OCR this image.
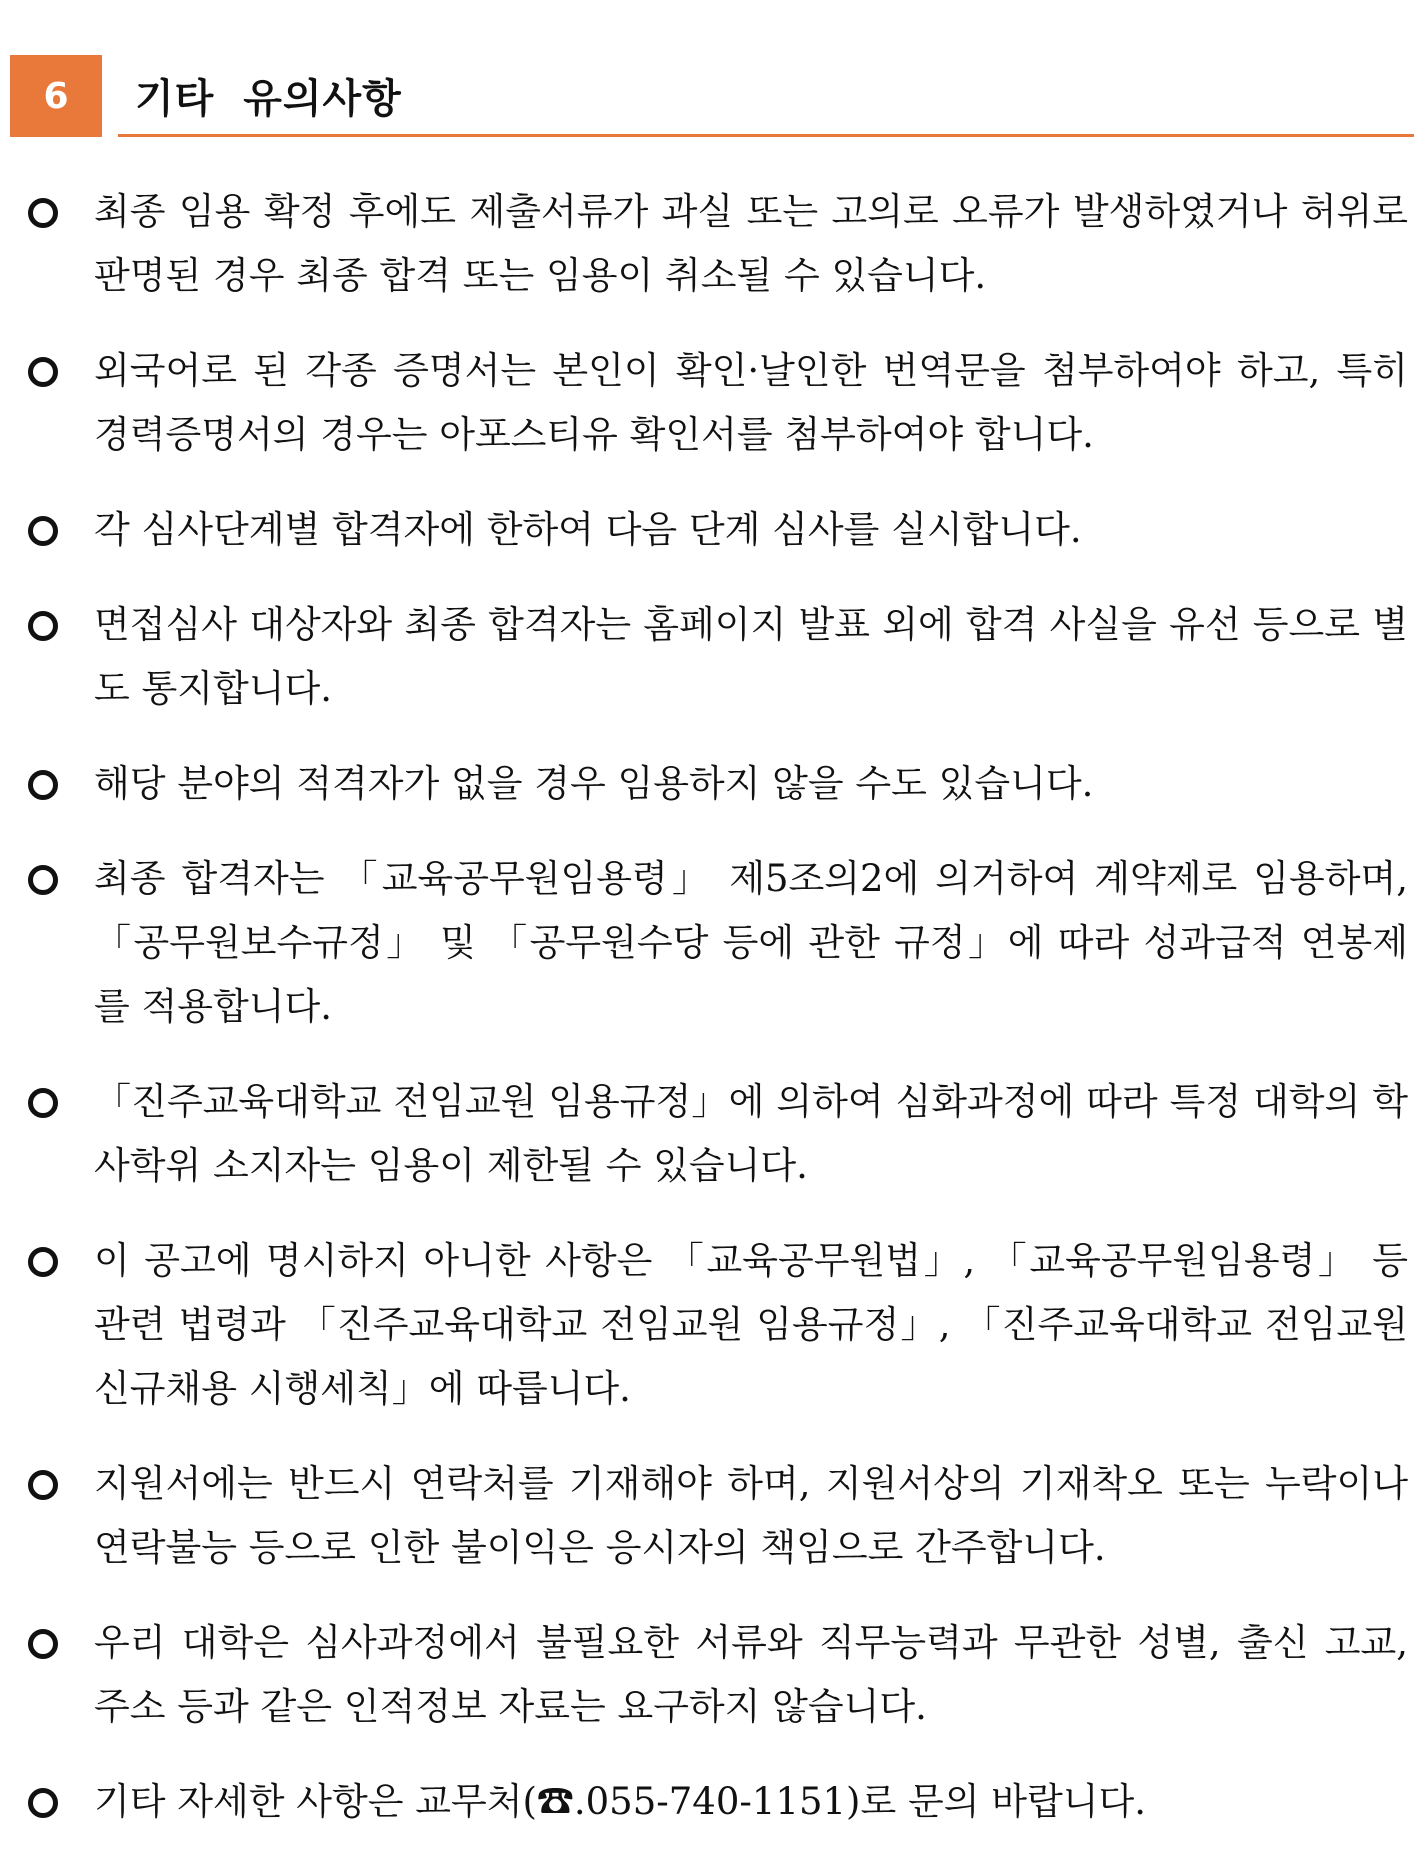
6	기타 유의사항
최종 임용 확정 후에도 제출서류가 과실 또는 고의로 오류가 발생하였거나 허위로 판명된 경우 최종 합격 또는 임용이 취소될 수 있습니다.
외국어로 된 각종 증명서는 본인이 확인·날인한 번역문을 첨부하여야 하고, 특히 경력증명서의 경우는 아포스티유 확인서를 첨부하여야 합니다.
각 심사단계별 합격자에 한하여 다음 단계 심사를 실시합니다.
면접심사 대상자와 최종 합격자는 홈페이지 발표 외에 합격 사실을 유선 등으로 별도 통지합니다.
해당 분야의 적격자가 없을 경우 임용하지 않을 수도 있습니다.
최종 합격자는 「교육공무원임용령」 제5조의2에 의거하여 계약제로 임용하며, 「공무원보수규정」 및 「공무원수당 등에 관한 규정」에 따라 성과급적 연봉제를 적용합니다.
「진주교육대학교 전임교원 임용규정」에 의하여 심화과정에 따라 특정 대학의 학사학위 소지자는 임용이 제한될 수 있습니다.
이 공고에 명시하지 아니한 사항은 「교육공무원법」, 「교육공무원임용령」 등 관련 법령과 「진주교육대학교 전임교원 임용규정」, 「진주교육대학교 전임교원 신규채용 시행세칙」에 따릅니다.
지원서에는 반드시 연락처를 기재해야 하며, 지원서상의 기재착오 또는 누락이나 연락불능 등으로 인한 불이익은 응시자의 책임으로 간주합니다.
우리 대학은 심사과정에서 불필요한 서류와 직무능력과 무관한 성별, 출신 고교, 주소 등과 같은 인적정보 자료는 요구하지 않습니다.
기타 자세한 사항은 교무처(☎.055-740-1151)로 문의 바랍니다.
